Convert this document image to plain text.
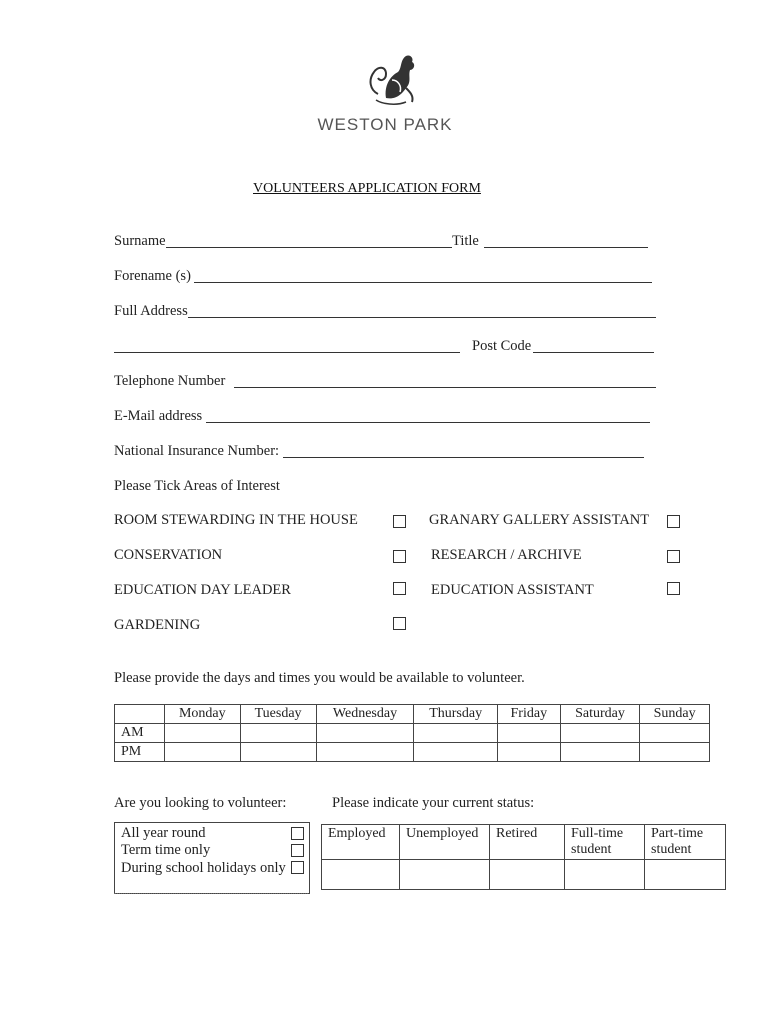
WESTON PARK
VOLUNTEERS APPLICATION FORM
Surname	Title
Forename (s)
Full Address
Post Code
Telephone Number
E-Mail address
National Insurance Number:
Please Tick Areas of Interest
ROOM STEWARDING IN THE HOUSE	GRANARY GALLERY ASSISTANT
CONSERVATION	RESEARCH / ARCHIVE
EDUCATION DAY LEADER	EDUCATION ASSISTANT
GARDENING
Please provide the days and times you would be available to volunteer.
	Monday	Tuesday	Wednesday	Thursday	Friday	Saturday	Sunday
AM							
PM							
Are you looking to volunteer:
All year round
Term time only
During school holidays only
Please indicate your current status:
Employed	Unemployed	Retired	Full-time student	Part-time student
